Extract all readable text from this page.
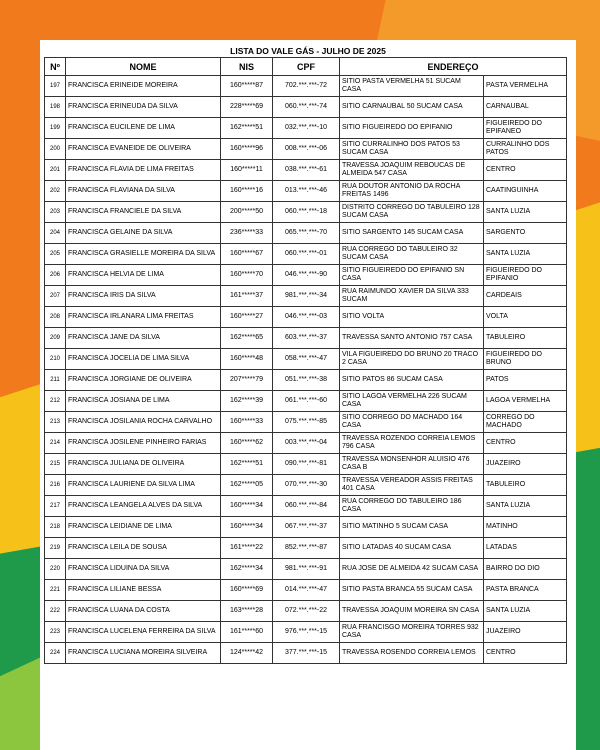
LISTA DO VALE GÁS - JULHO DE 2025
Nº	NOME	NIS	CPF	ENDEREÇO	
197	FRANCISCA ERINEIDE MOREIRA	160*****87	702.***.***-72	SITIO PASTA VERMELHA 51 SUCAM CASA	PASTA VERMELHA
198	FRANCISCA ERINEUDA DA SILVA	228*****69	060.***.***-74	SITIO CARNAUBAL 50 SUCAM CASA	CARNAUBAL
199	FRANCISCA EUCILENE DE LIMA	162*****51	032.***.***-10	SITIO FIGUEIREDO DO EPIFANIO	FIGUEIREDO DO EPIFANEO
200	FRANCISCA EVANEIDE DE OLIVEIRA	160*****96	008.***.***-06	SITIO CURRALINHO DOS PATOS 53 SUCAM CASA	CURRALINHO DOS PATOS
201	FRANCISCA FLAVIA DE LIMA FREITAS	160*****11	038.***.***-61	TRAVESSA JOAQUIM REBOUCAS DE ALMEIDA 547 CASA	CENTRO
202	FRANCISCA FLAVIANA DA SILVA	160*****16	013.***.***-46	RUA DOUTOR ANTONIO DA ROCHA FREITAS 1496	CAATINGUINHA
203	FRANCISCA FRANCIELE DA SILVA	200*****50	060.***.***-18	DISTRITO CORREGO DO TABULEIRO 128 SUCAM CASA	SANTA LUZIA
204	FRANCISCA GELAINE DA SILVA	236*****33	065.***.***-70	SITIO SARGENTO 145 SUCAM CASA	SARGENTO
205	FRANCISCA GRASIELLE MOREIRA DA SILVA	160*****67	060.***.***-01	RUA CORREGO DO TABULEIRO 32 SUCAM CASA	SANTA LUZIA
206	FRANCISCA HELVIA DE LIMA	160*****70	046.***.***-90	SITIO FIGUEIREDO DO EPIFANIO SN CASA	FIGUEIREDO DO EPIFANIO
207	FRANCISCA IRIS DA SILVA	161*****37	981.***.***-34	RUA RAIMUNDO XAVIER DA SILVA 333 SUCAM	CARDEAIS
208	FRANCISCA IRLANARA LIMA FREITAS	160*****27	046.***.***-03	SITIO VOLTA	VOLTA
209	FRANCISCA JANE DA SILVA	162*****65	603.***.***-37	TRAVESSA SANTO ANTONIO 757 CASA	TABULEIRO
210	FRANCISCA JOCELIA DE LIMA SILVA	160*****48	058.***.***-47	VILA FIGUEIREDO DO BRUNO 20 TRACO 2 CASA	FIGUEIREDO DO BRUNO
211	FRANCISCA JORGIANE DE OLIVEIRA	207*****79	051.***.***-38	SITIO PATOS 86 SUCAM CASA	PATOS
212	FRANCISCA JOSIANA DE LIMA	162*****39	061.***.***-60	SITIO LAGOA VERMELHA 226 SUCAM CASA	LAGOA VERMELHA
213	FRANCISCA JOSILANIA ROCHA CARVALHO	160*****33	075.***.***-85	SITIO CORREGO DO MACHADO 164 CASA	CORREGO DO MACHADO
214	FRANCISCA JOSILENE PINHEIRO FARIAS	160*****62	003.***.***-04	TRAVESSA ROZENDO CORREIA LEMOS 796 CASA	CENTRO
215	FRANCISCA JULIANA DE OLIVEIRA	162*****51	090.***.***-81	TRAVESSA MONSENHOR ALUISIO 476 CASA B	JUAZEIRO
216	FRANCISCA LAURIENE DA SILVA LIMA	162*****05	070.***.***-30	TRAVESSA VEREADOR ASSIS FREITAS 401 CASA	TABULEIRO
217	FRANCISCA LEANGELA ALVES DA SILVA	160*****34	060.***.***-84	RUA CORREGO DO TABULEIRO 186 CASA	SANTA LUZIA
218	FRANCISCA LEIDIANE DE LIMA	160*****34	067.***.***-37	SITIO MATINHO 5 SUCAM CASA	MATINHO
219	FRANCISCA LEILA DE SOUSA	161*****22	852.***.***-87	SITIO LATADAS 40 SUCAM CASA	LATADAS
220	FRANCISCA LIDUINA DA SILVA	162*****34	981.***.***-91	RUA JOSE DE ALMEIDA 42 SUCAM CASA	BAIRRO DO DIO
221	FRANCISCA LILIANE BESSA	160*****69	014.***.***-47	SITIO PASTA BRANCA 55 SUCAM CASA	PASTA BRANCA
222	FRANCISCA LUANA DA COSTA	163*****28	072.***.***-22	TRAVESSA JOAQUIM MOREIRA SN CASA	SANTA LUZIA
223	FRANCISCA LUCELENA FERREIRA DA SILVA	161*****60	976.***.***-15	RUA FRANCISGO MOREIRA TORRES 932 CASA	JUAZEIRO
224	FRANCISCA LUCIANA MOREIRA SILVEIRA	124*****42	377.***.***-15	TRAVESSA ROSENDO CORREIA LEMOS	CENTRO
